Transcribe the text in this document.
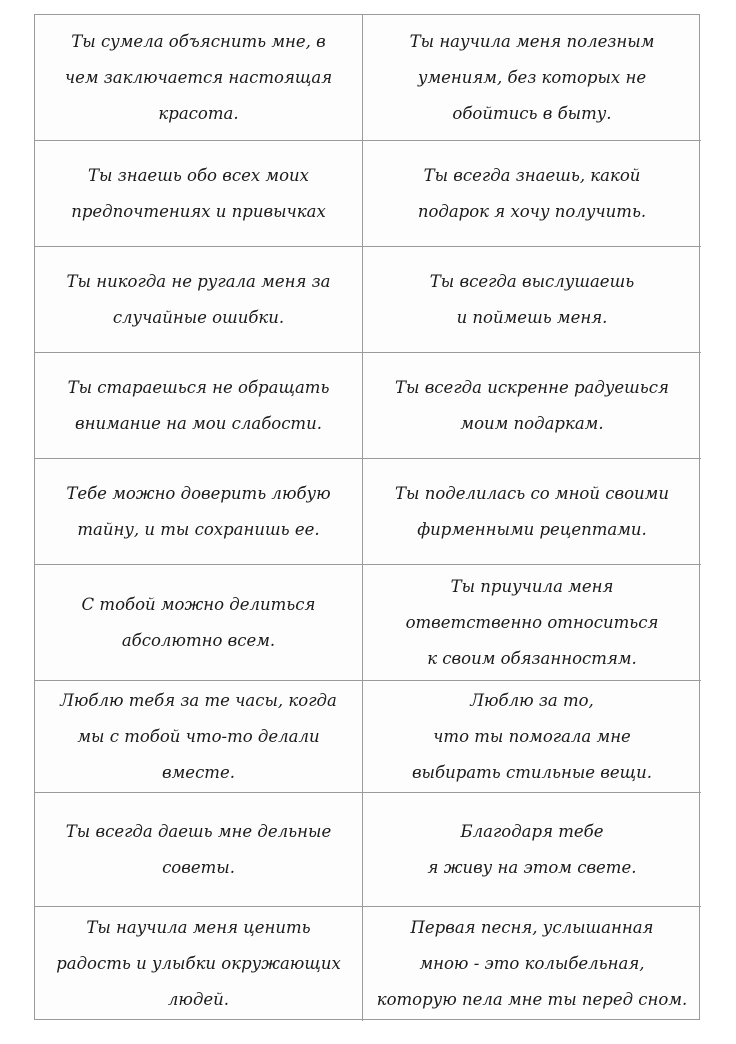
Ты сумела объяснить мне, в
чем заключается настоящая
красота.

Ты научила меня полезным
умениям, без которых не
обойтись в быту.

Ты знаешь обо всех моих
предпочтениях и привычках

Ты всегда знаешь, какой
подарок я хочу получить.

Ты никогда не ругала меня за
случайные ошибки.

Ты всегда выслушаешь
и поймешь меня.

Ты стараешься не обращать
внимание на мои слабости.

Ты всегда искренне радуешься
моим подаркам.

Тебе можно доверить любую
тайну, и ты сохранишь ее.

Ты поделилась со мной своими
фирменными рецептами.

С тобой можно делиться
абсолютно всем.

Ты приучила меня
ответственно относиться
к своим обязанностям.

Люблю тебя за те часы, когда
мы с тобой что-то делали
вместе.

Люблю за то,
что ты помогала мне
выбирать стильные вещи.

Ты всегда даешь мне дельные
советы.

Благодаря тебе
я живу на этом свете.

Ты научила меня ценить
радость и улыбки окружающих
людей.

Первая песня, услышанная
мною - это колыбельная,
которую пела мне ты перед сном.
